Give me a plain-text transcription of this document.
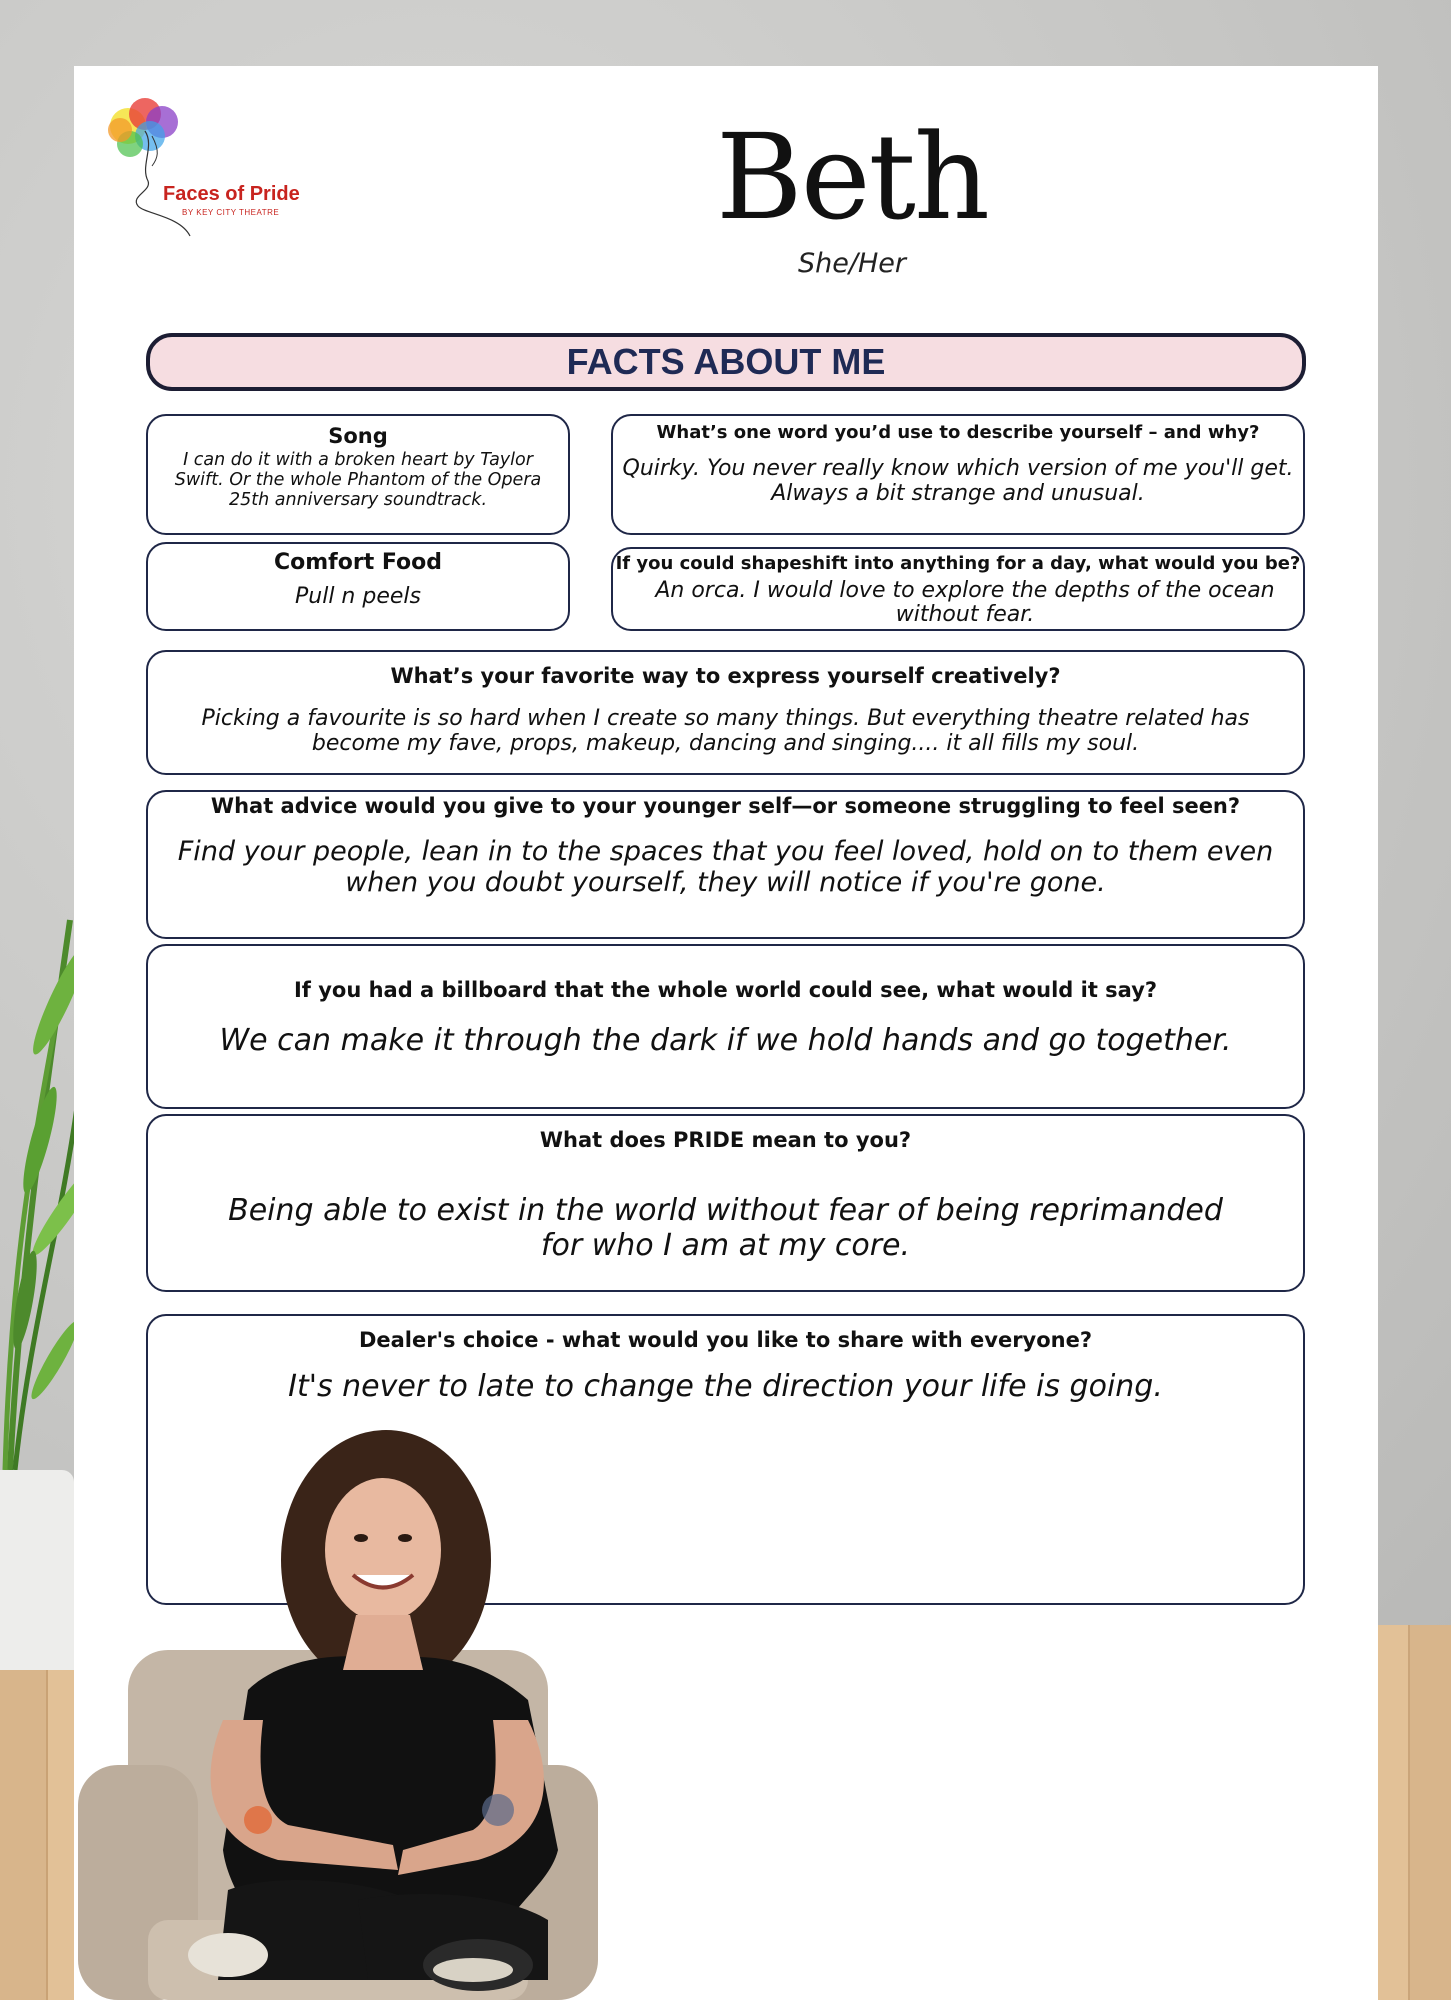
Faces of Pride
BY KEY CITY THEATRE	Beth
She/Her
FACTS ABOUT ME
Song
I can do it with a broken heart by Taylor Swift. Or the whole Phantom of the Opera 25th anniversary soundtrack.
What’s one word you’d use to describe yourself – and why?
Quirky. You never really know which version of me you'll get. Always a bit strange and unusual.
Comfort Food
Pull n peels
If you could shapeshift into anything for a day, what would you be?
An orca. I would love to explore the depths of the ocean without fear.
What’s your favorite way to express yourself creatively?
Picking a favourite is so hard when I create so many things. But everything theatre related has become my fave, props, makeup, dancing and singing.... it all fills my soul.
What advice would you give to your younger self—or someone struggling to feel seen?
Find your people, lean in to the spaces that you feel loved, hold on to them even when you doubt yourself, they will notice if you're gone.
If you had a billboard that the whole world could see, what would it say?
We can make it through the dark if we hold hands and go together.
What does PRIDE mean to you?
Being able to exist in the world without fear of being reprimanded for who I am at my core.
Dealer's choice - what would you like to share with everyone?
It's never to late to change the direction your life is going.
